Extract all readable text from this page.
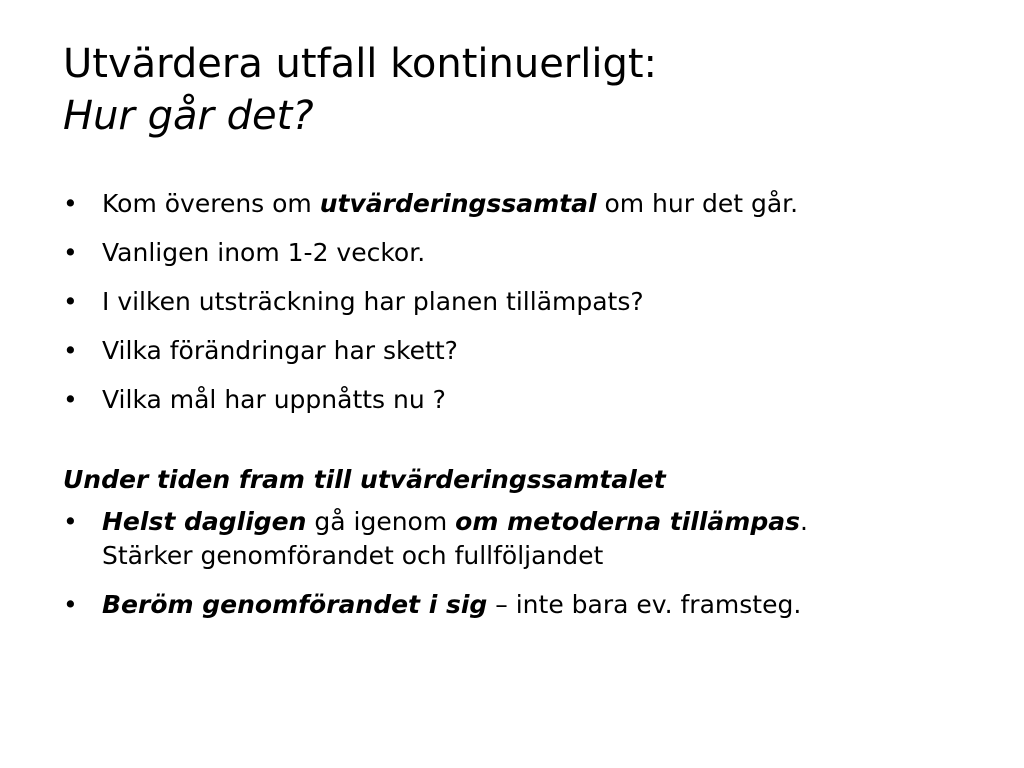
Utvärdera utfall kontinuerligt:
Hur går det?
• Kom överens om utvärderingssamtal om hur det går.
• Vanligen inom 1-2 veckor.
• I vilken utsträckning har planen tillämpats?
• Vilka förändringar har skett?
• Vilka mål har uppnåtts nu ?
Under tiden fram till utvärderingssamtalet
• Helst dagligen gå igenom om metoderna tillämpas.
Stärker genomförandet och fullföljandet
• Beröm genomförandet i sig – inte bara ev. framsteg.
